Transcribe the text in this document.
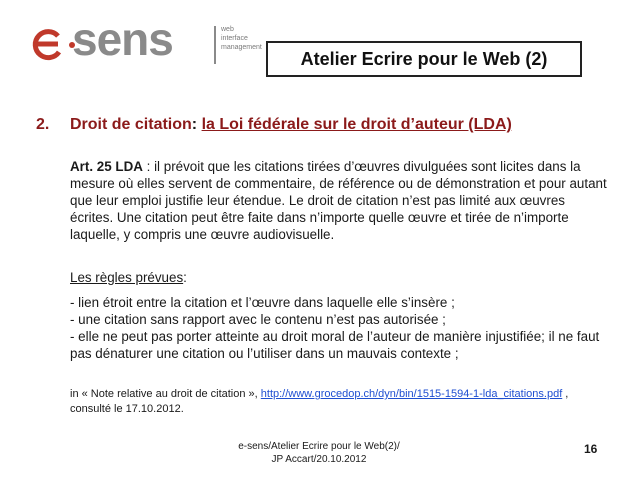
sens	web
interface
management
Atelier Ecrire pour le Web (2)
2. Droit de citation: la Loi fédérale sur le droit d’auteur (LDA)
Art. 25 LDA : il prévoit que les citations tirées d’œuvres divulguées sont licites dans la mesure où elles servent de commentaire, de référence ou de démonstration et pour autant que leur emploi justifie leur étendue. Le droit de citation n’est pas limité aux œuvres écrites. Une citation peut être faite dans n’importe quelle œuvre et tirée de n’importe laquelle, y compris une œuvre audiovisuelle.
Les règles prévues:
- lien étroit entre la citation et l’œuvre dans laquelle elle s’insère ;
- une citation sans rapport avec le contenu n’est pas autorisée ;
- elle ne peut pas porter atteinte au droit moral de l’auteur de manière injustifiée; il ne faut pas dénaturer une citation ou l’utiliser dans un mauvais contexte ;
in « Note relative au droit de citation », http://www.grocedop.ch/dyn/bin/1515-1594-1-lda_citations.pdf , consulté le 17.10.2012.
e-sens/Atelier Ecrire pour le Web(2)/
JP Accart/20.10.2012
16
